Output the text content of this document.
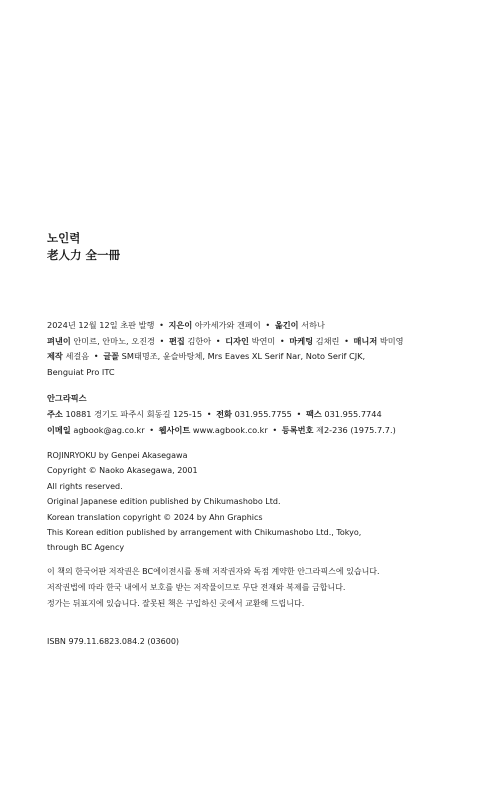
노인력
老人力 全一冊
2024년 12월 12일 초판 발행 • 지은이 아카세가와 겐페이 • 옮긴이 서하나
펴낸이 안미르, 안마노, 오진경 • 편집 김한아 • 디자인 박연미 • 마케팅 김채린 • 매니저 박미영
제작 세걸음 • 글꼴 SM태명조, 윤슬바탕체, Mrs Eaves XL Serif Nar, Noto Serif CJK,
Benguiat Pro ITC
안그라픽스
주소 10881 경기도 파주시 회동길 125-15 • 전화 031.955.7755 • 팩스 031.955.7744
이메일 agbook@ag.co.kr • 웹사이트 www.agbook.co.kr • 등록번호 제2-236 (1975.7.7.)
ROJINRYOKU by Genpei Akasegawa
Copyright © Naoko Akasegawa, 2001
All rights reserved.
Original Japanese edition published by Chikumashobo Ltd.
Korean translation copyright © 2024 by Ahn Graphics
This Korean edition published by arrangement with Chikumashobo Ltd., Tokyo,
through BC Agency
이 책의 한국어판 저작권은 BC에이전시를 통해 저작권자와 독점 계약한 안그라픽스에 있습니다.
저작권법에 따라 한국 내에서 보호를 받는 저작물이므로 무단 전재와 복제를 금합니다.
정가는 뒤표지에 있습니다. 잘못된 책은 구입하신 곳에서 교환해 드립니다.
ISBN 979.11.6823.084.2 (03600)
